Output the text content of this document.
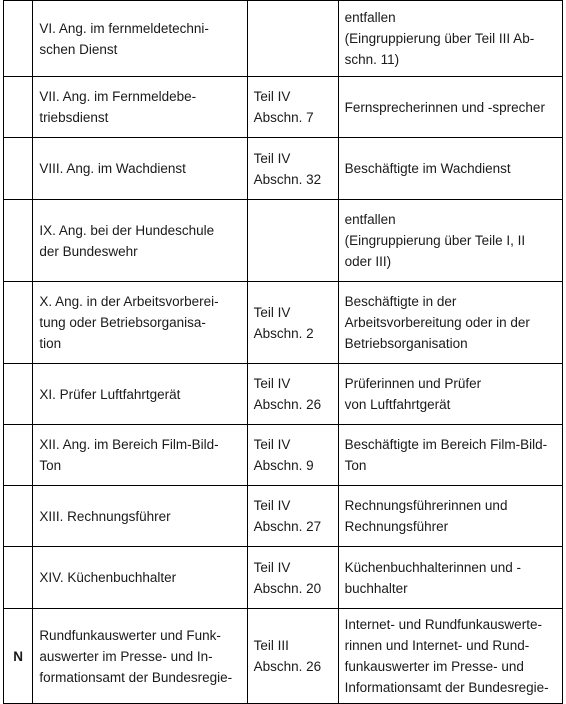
	VI. Ang. im fernmeldetechni-
schen Dienst		entfallen
(Eingruppierung über Teil III Ab-
schn. 11)

	VII. Ang. im Fernmeldebe-
triebsdienst	Teil IV
Abschn. 7	Fernsprecherinnen und -sprecher

	VIII. Ang. im Wachdienst	Teil IV
Abschn. 32	Beschäftigte im Wachdienst

	IX. Ang. bei der Hundeschule
der Bundeswehr		entfallen
(Eingruppierung über Teile I, II
oder III)

	X. Ang. in der Arbeitsvorberei-
tung oder Betriebsorganisa-
tion	Teil IV
Abschn. 2	Beschäftigte in der
Arbeitsvorbereitung oder in der
Betriebsorganisation

	XI. Prüfer Luftfahrtgerät	Teil IV
Abschn. 26	Prüferinnen und Prüfer
von Luftfahrtgerät

	XII. Ang. im Bereich Film-Bild-
Ton	Teil IV
Abschn. 9	Beschäftigte im Bereich Film-Bild-
Ton

	XIII. Rechnungsführer	Teil IV
Abschn. 27	Rechnungsführerinnen und
Rechnungsführer

	XIV. Küchenbuchhalter	Teil IV
Abschn. 20	Küchenbuchhalterinnen und -
buchhalter

N	Rundfunkauswerter und Funk-
auswerter im Presse- und In-
formationsamt der Bundesregie-	Teil III
Abschn. 26	Internet- und Rundfunkauswerte-
rinnen und Internet- und Rund-
funkauswerter im Presse- und
Informationsamt der Bundesregie-
